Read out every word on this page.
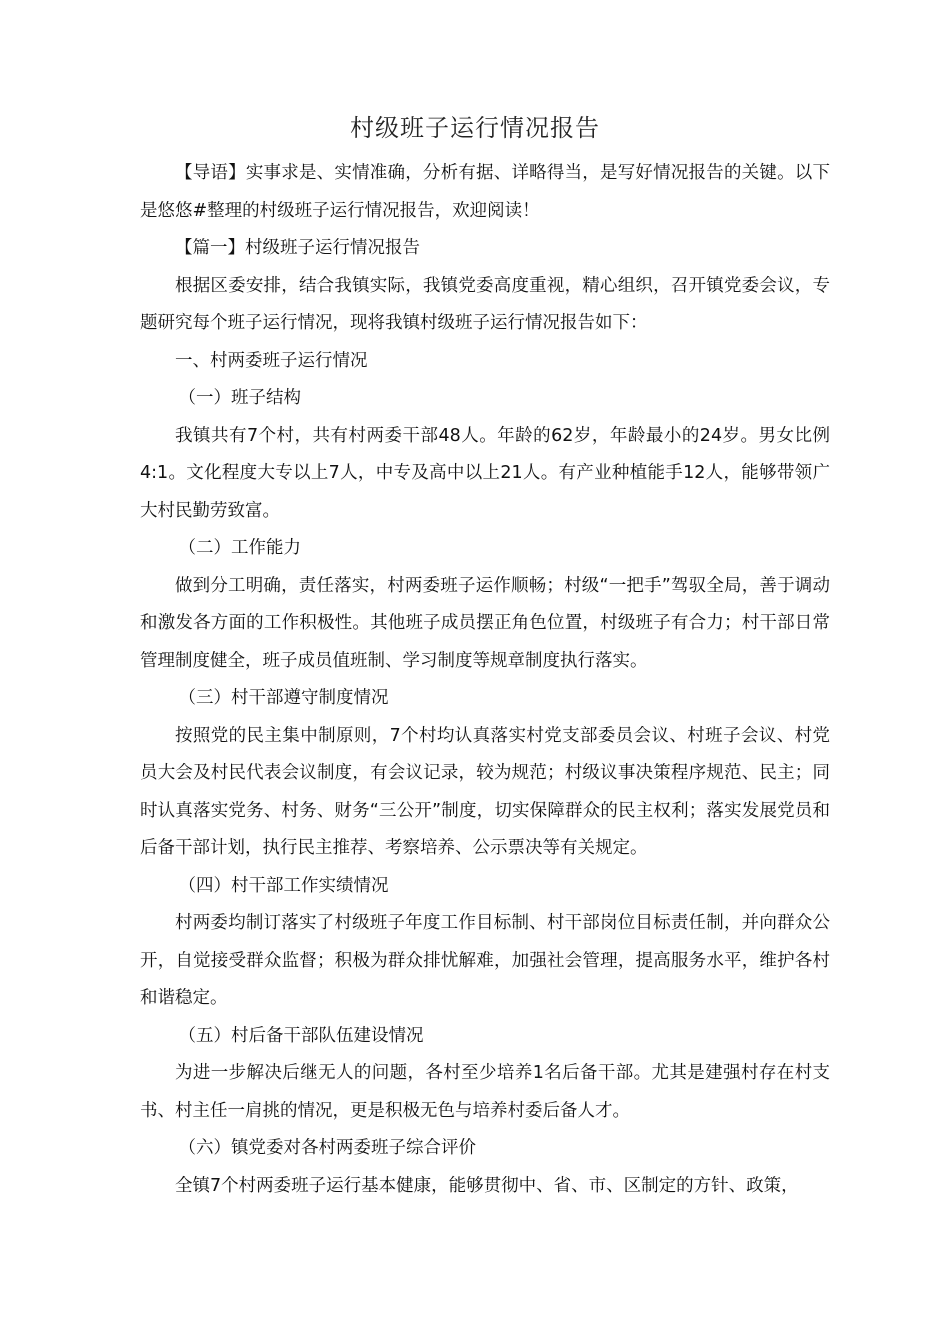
村级班子运行情况报告

【导语】实事求是、实情准确，分析有据、详略得当，是写好情况报告的关键。以下是悠悠#整理的村级班子运行情况报告，欢迎阅读！

【篇一】村级班子运行情况报告

根据区委安排，结合我镇实际，我镇党委高度重视，精心组织，召开镇党委会议，专题研究每个班子运行情况，现将我镇村级班子运行情况报告如下：

一、村两委班子运行情况

（一）班子结构

我镇共有7个村，共有村两委干部48人。年龄的62岁，年龄最小的24岁。男女比例4:1。文化程度大专以上7人，中专及高中以上21人。有产业种植能手12人，能够带领广大村民勤劳致富。

（二）工作能力

做到分工明确，责任落实，村两委班子运作顺畅；村级“一把手”驾驭全局，善于调动和激发各方面的工作积极性。其他班子成员摆正角色位置，村级班子有合力；村干部日常管理制度健全，班子成员值班制、学习制度等规章制度执行落实。

（三）村干部遵守制度情况

按照党的民主集中制原则，7个村均认真落实村党支部委员会议、村班子会议、村党员大会及村民代表会议制度，有会议记录，较为规范；村级议事决策程序规范、民主；同时认真落实党务、村务、财务“三公开”制度，切实保障群众的民主权利；落实发展党员和后备干部计划，执行民主推荐、考察培养、公示票决等有关规定。

（四）村干部工作实绩情况

村两委均制订落实了村级班子年度工作目标制、村干部岗位目标责任制，并向群众公开，自觉接受群众监督；积极为群众排忧解难，加强社会管理，提高服务水平，维护各村和谐稳定。

（五）村后备干部队伍建设情况

为进一步解决后继无人的问题，各村至少培养1名后备干部。尤其是建强村存在村支书、村主任一肩挑的情况，更是积极无色与培养村委后备人才。

（六）镇党委对各村两委班子综合评价

全镇7个村两委班子运行基本健康，能够贯彻中、省、市、区制定的方针、政策，
